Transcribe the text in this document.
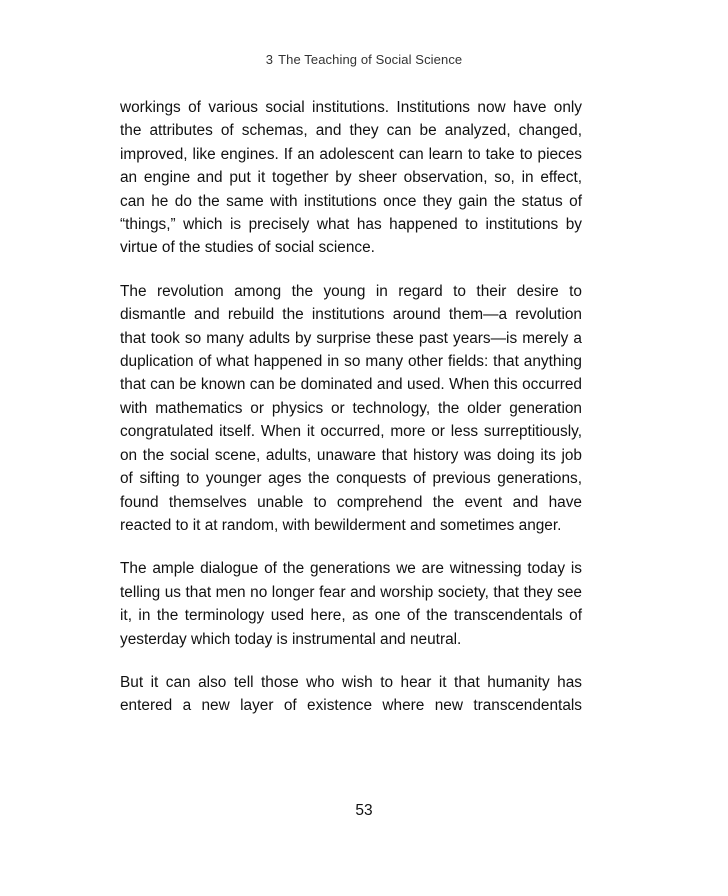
3 The Teaching of Social Science

workings of various social institutions. Institutions now have only the attributes of schemas, and they can be analyzed, changed, improved, like engines. If an adolescent can learn to take to pieces an engine and put it together by sheer observation, so, in effect, can he do the same with institutions once they gain the status of “things,” which is precisely what has happened to institutions by virtue of the studies of social science.

The revolution among the young in regard to their desire to dismantle and rebuild the institutions around them—a revolution that took so many adults by surprise these past years—is merely a duplication of what happened in so many other fields: that anything that can be known can be dominated and used. When this occurred with mathematics or physics or technology, the older generation congratulated itself. When it occurred, more or less surreptitiously, on the social scene, adults, unaware that history was doing its job of sifting to younger ages the conquests of previous generations, found themselves unable to comprehend the event and have reacted to it at random, with bewilderment and sometimes anger.

The ample dialogue of the generations we are witnessing today is telling us that men no longer fear and worship society, that they see it, in the terminology used here, as one of the transcendentals of yesterday which today is instrumental and neutral.

But it can also tell those who wish to hear it that humanity has entered a new layer of existence where new transcendentals

53
